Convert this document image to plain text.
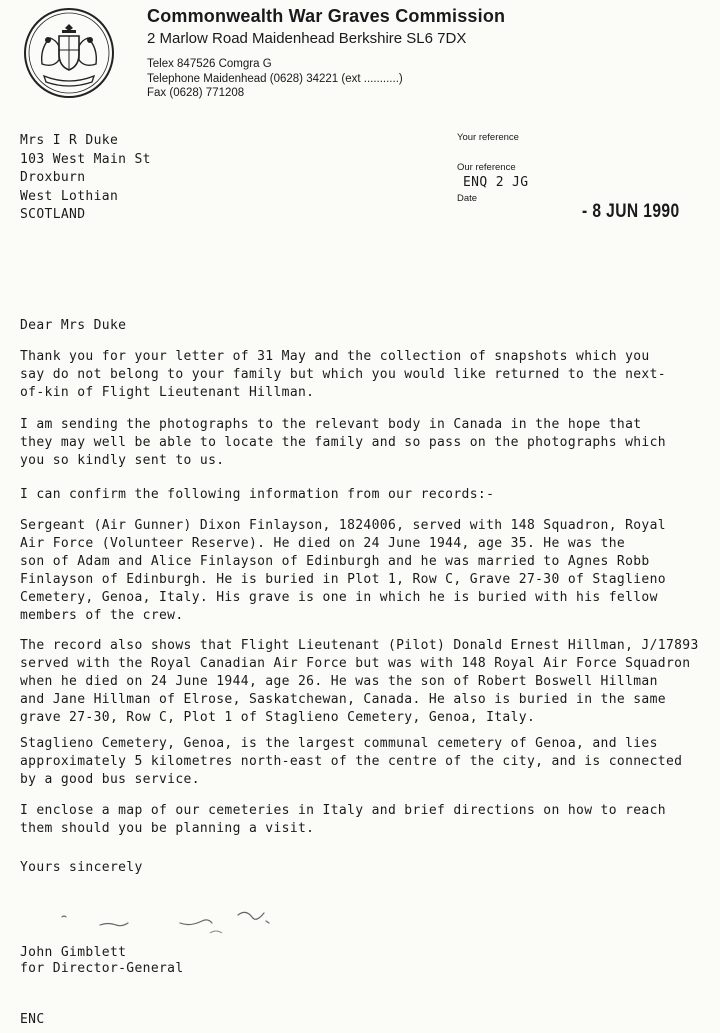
Commonwealth War Graves Commission
2 Marlow Road Maidenhead Berkshire SL6 7DX
Telex 847526 Comgra G
Telephone Maidenhead (0628) 34221 (ext ...........)
Fax (0628) 771208
Mrs I R Duke
103 West Main St
Droxburn
West Lothian
SCOTLAND
Your reference
Our reference
ENQ 2 JG
Date
- 8 JUN 1990
Dear Mrs Duke
Thank you for your letter of 31 May and the collection of snapshots which you
say do not belong to your family but which you would like returned to the next-
of-kin of Flight Lieutenant Hillman.
I am sending the photographs to the relevant body in Canada in the hope that
they may well be able to locate the family and so pass on the photographs which
you so kindly sent to us.
I can confirm the following information from our records:-
Sergeant (Air Gunner) Dixon Finlayson, 1824006, served with 148 Squadron, Royal
Air Force (Volunteer Reserve). He died on 24 June 1944, age 35. He was the
son of Adam and Alice Finlayson of Edinburgh and he was married to Agnes Robb
Finlayson of Edinburgh. He is buried in Plot 1, Row C, Grave 27-30 of Staglieno
Cemetery, Genoa, Italy. His grave is one in which he is buried with his fellow
members of the crew.
The record also shows that Flight Lieutenant (Pilot) Donald Ernest Hillman, J/17893
served with the Royal Canadian Air Force but was with 148 Royal Air Force Squadron
when he died on 24 June 1944, age 26. He was the son of Robert Boswell Hillman
and Jane Hillman of Elrose, Saskatchewan, Canada. He also is buried in the same
grave 27-30, Row C, Plot 1 of Staglieno Cemetery, Genoa, Italy.
Staglieno Cemetery, Genoa, is the largest communal cemetery of Genoa, and lies
approximately 5 kilometres north-east of the centre of the city, and is connected
by a good bus service.
I enclose a map of our cemeteries in Italy and brief directions on how to reach
them should you be planning a visit.
Yours sincerely
John Gimblett
for Director-General
ENC
